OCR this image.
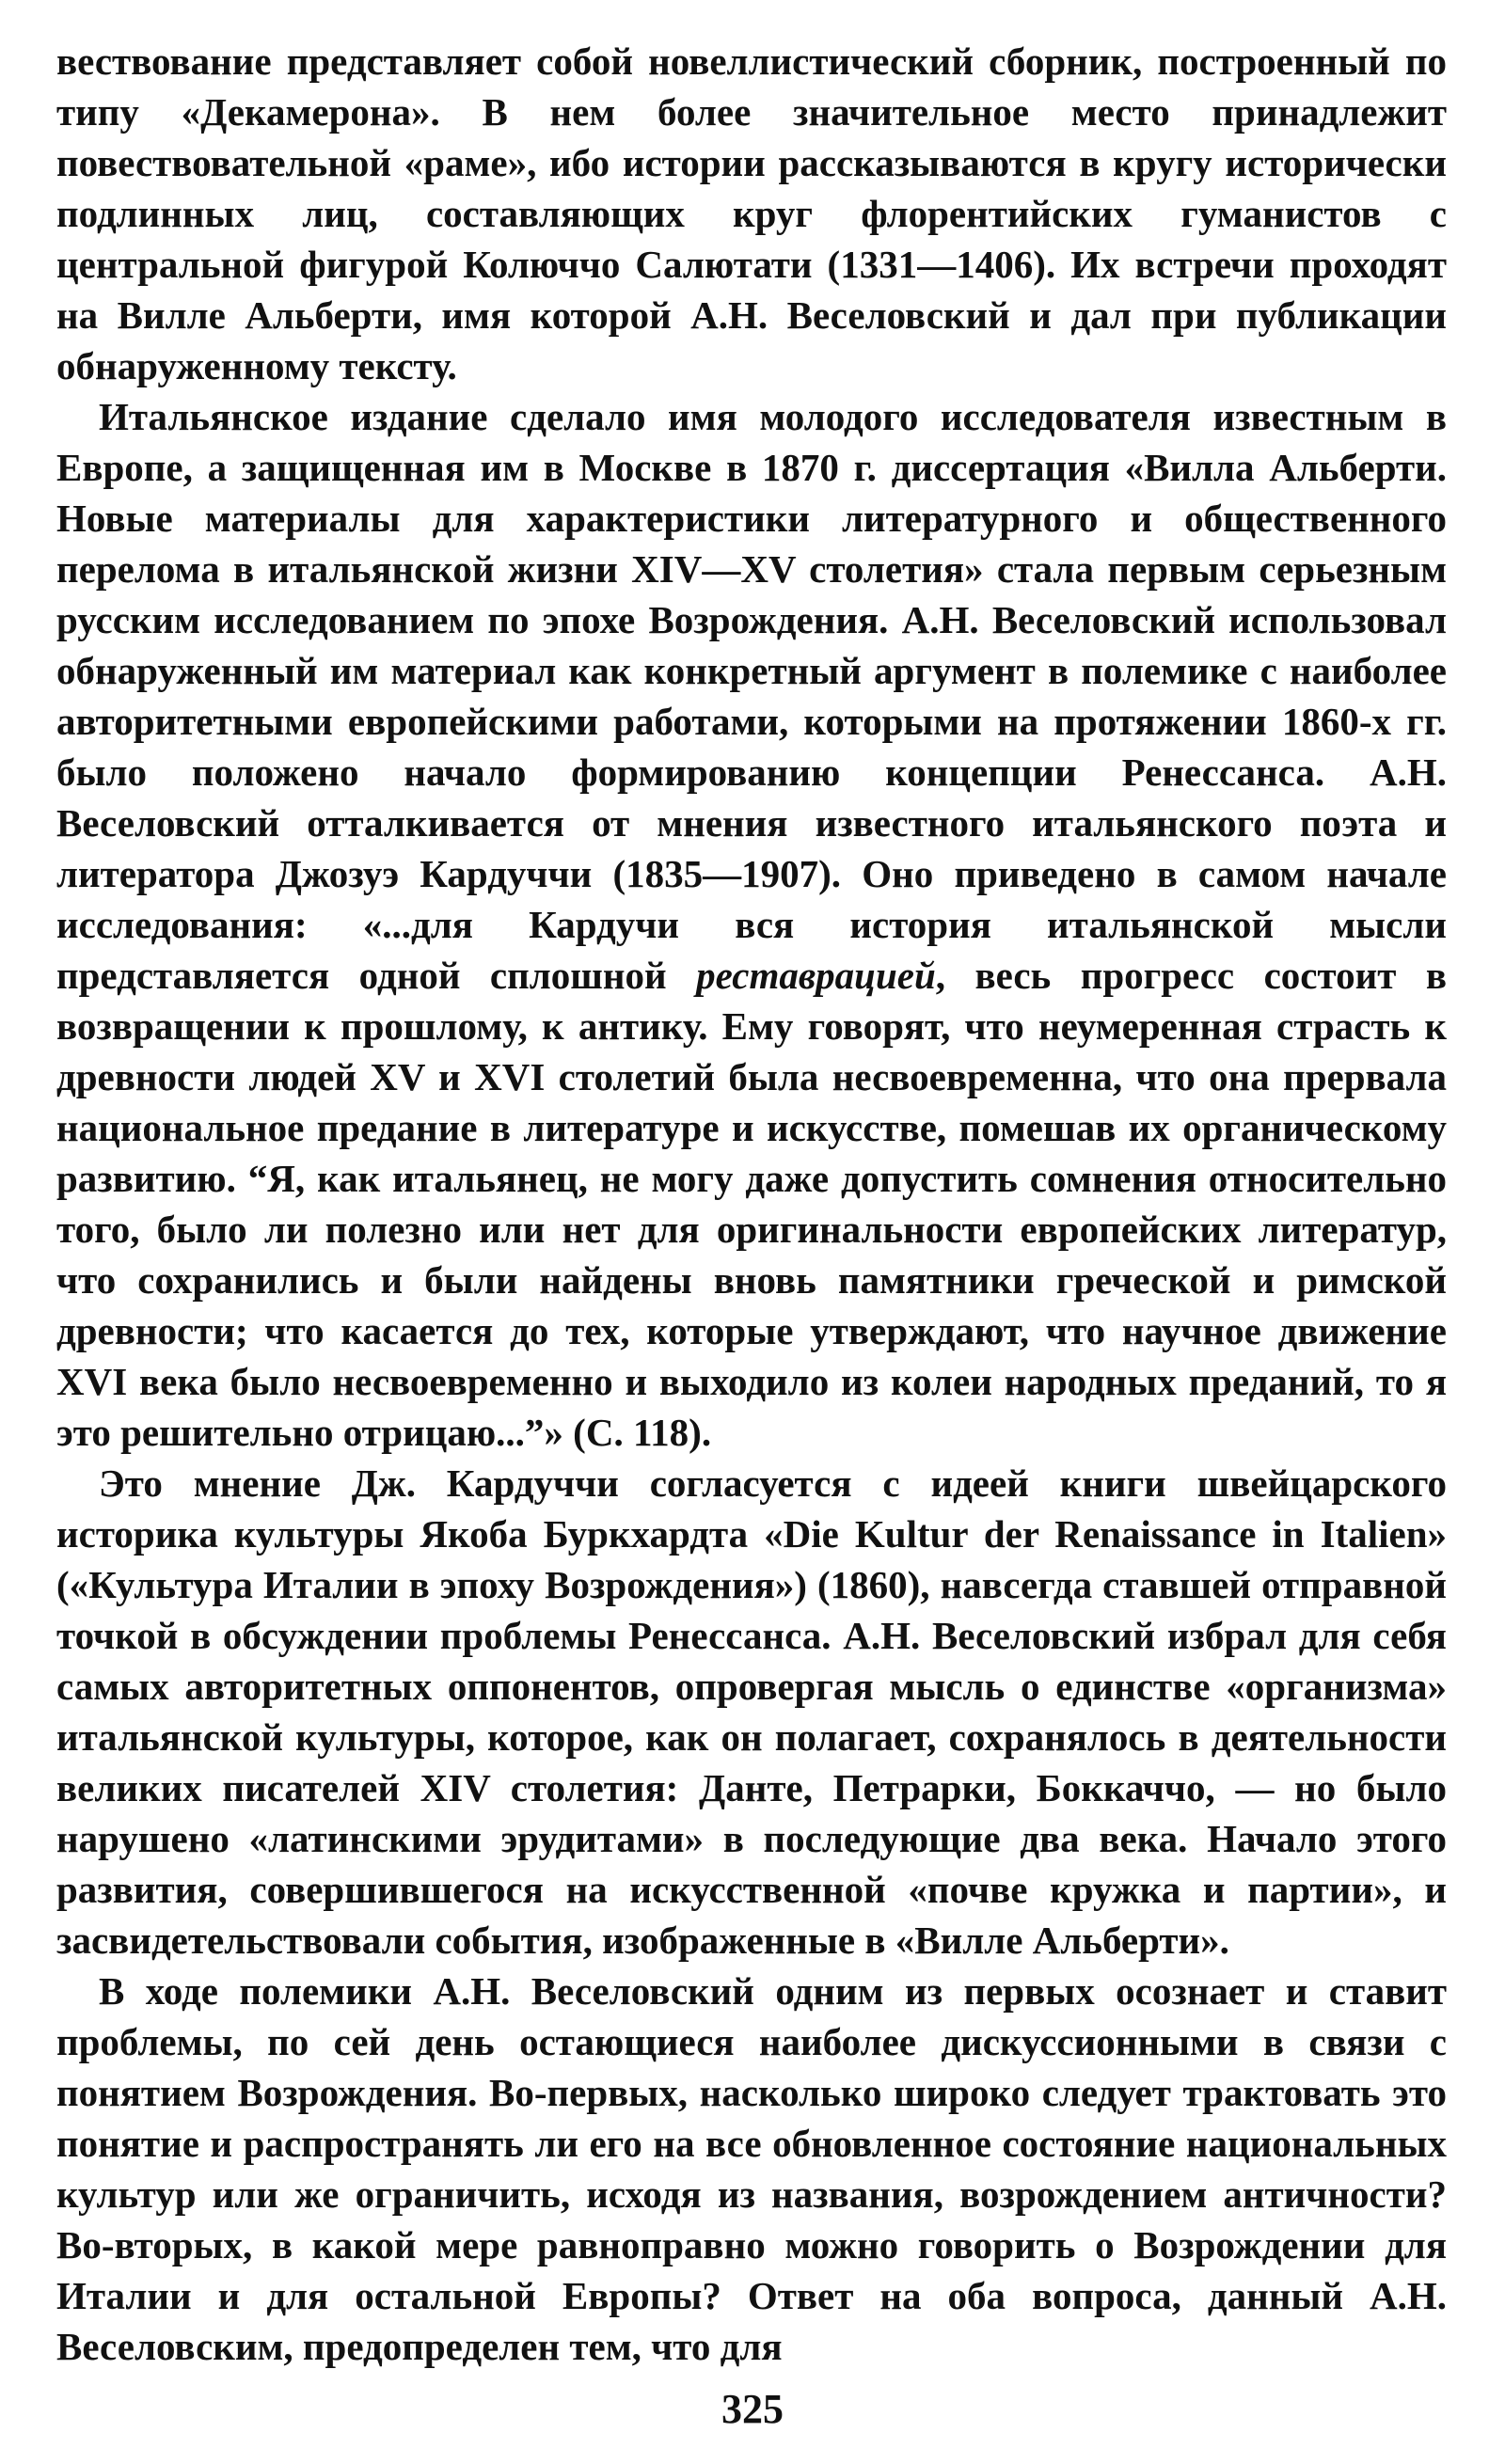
вествование представляет собой новеллистический сборник, построенный по типу «Декамерона». В нем более значительное место принадлежит повествовательной «раме», ибо истории рассказываются в кругу исторически подлинных лиц, составляющих круг флорентийских гуманистов с центральной фигурой Колюччо Салютати (1331—1406). Их встречи проходят на Вилле Альберти, имя которой А.Н. Веселовский и дал при публикации обнаруженному тексту.

Итальянское издание сделало имя молодого исследователя известным в Европе, а защищенная им в Москве в 1870 г. диссертация «Вилла Альберти. Новые материалы для характеристики литературного и общественного перелома в итальянской жизни XIV—XV столетия» стала первым серьезным русским исследованием по эпохе Возрождения. А.Н. Веселовский использовал обнаруженный им материал как конкретный аргумент в полемике с наиболее авторитетными европейскими работами, которыми на протяжении 1860-х гг. было положено начало формированию концепции Ренессанса. А.Н. Веселовский отталкивается от мнения известного итальянского поэта и литератора Джозуэ Кардуччи (1835—1907). Оно приведено в самом начале исследования: «...для Кардучи вся история итальянской мысли представляется одной сплошной реставрацией, весь прогресс состоит в возвращении к прошлому, к антику. Ему говорят, что неумеренная страсть к древности людей XV и XVI столетий была несвоевременна, что она прервала национальное предание в литературе и искусстве, помешав их органическому развитию. “Я, как итальянец, не могу даже допустить сомнения относительно того, было ли полезно или нет для оригинальности европейских литератур, что сохранились и были найдены вновь памятники греческой и римской древности; что касается до тех, которые утверждают, что научное движение XVI века было несвоевременно и выходило из колеи народных преданий, то я это решительно отрицаю...”» (С. 118).

Это мнение Дж. Кардуччи согласуется с идеей книги швейцарского историка культуры Якоба Буркхардта «Die Kultur der Renaissance in Italien» («Культура Италии в эпоху Возрождения») (1860), навсегда ставшей отправной точкой в обсуждении проблемы Ренессанса. А.Н. Веселовский избрал для себя самых авторитетных оппонентов, опровергая мысль о единстве «организма» итальянской культуры, которое, как он полагает, сохранялось в деятельности великих писателей XIV столетия: Данте, Петрарки, Боккаччо, — но было нарушено «латинскими эрудитами» в последующие два века. Начало этого развития, совершившегося на искусственной «почве кружка и партии», и засвидетельствовали события, изображенные в «Вилле Альберти».

В ходе полемики А.Н. Веселовский одним из первых осознает и ставит проблемы, по сей день остающиеся наиболее дискуссионными в связи с понятием Возрождения. Во-первых, насколько широко следует трактовать это понятие и распространять ли его на все обновленное состояние национальных культур или же ограничить, исходя из названия, возрождением античности? Во-вторых, в какой мере равноправно можно говорить о Возрождении для Италии и для остальной Европы? Ответ на оба вопроса, данный А.Н. Веселовским, предопределен тем, что для

325
